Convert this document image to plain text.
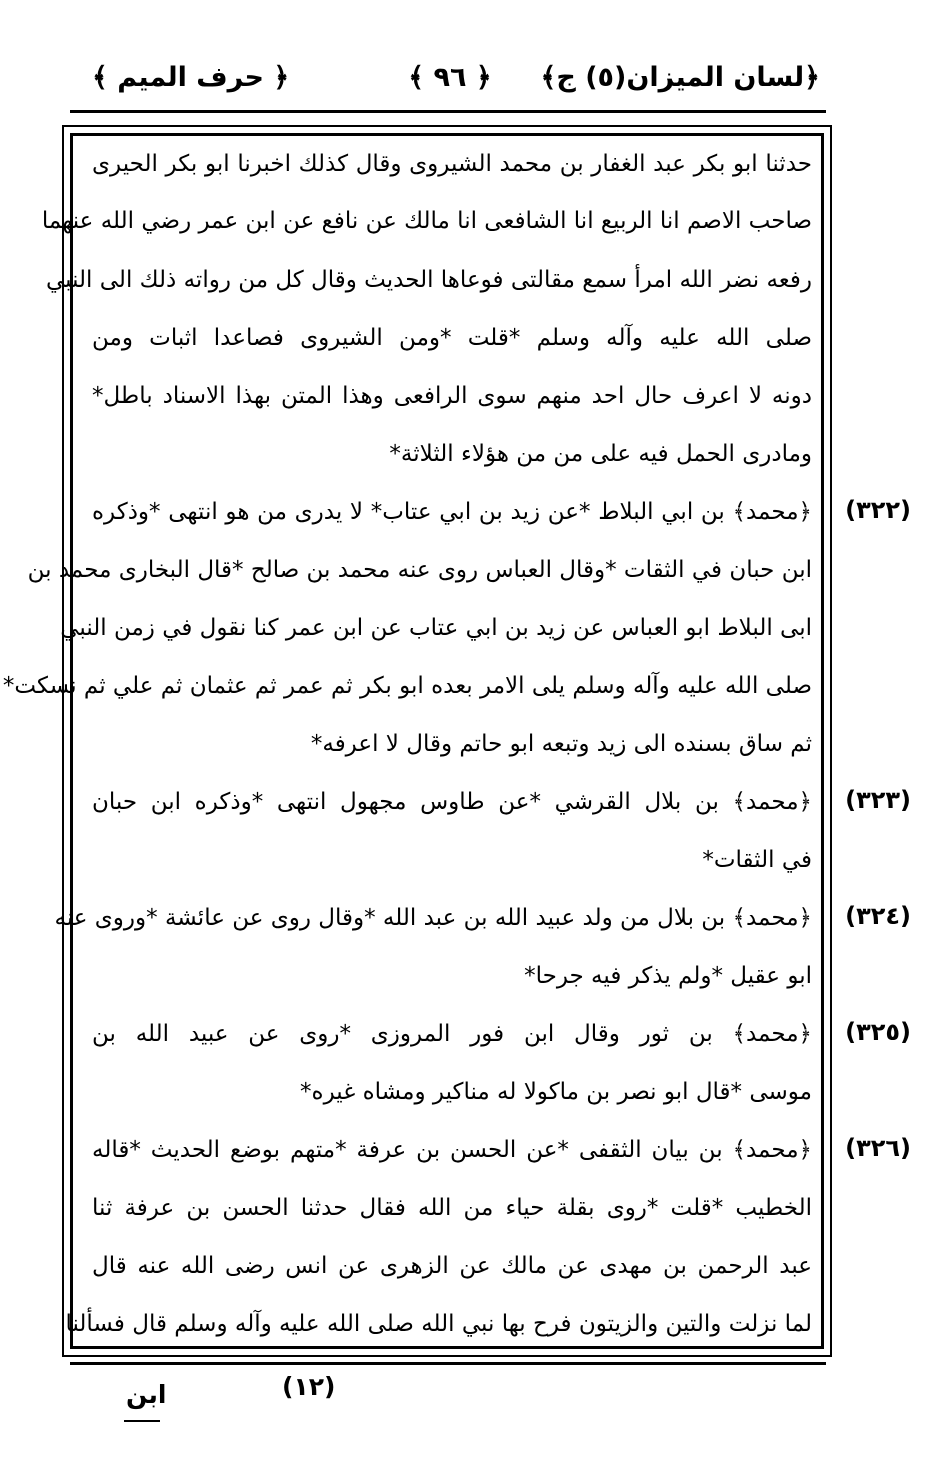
﴿لسان الميزان(٥) ج﴾
﴿ ٩٦ ﴾
﴿ حرف الميم ﴾
حدثنا ابو بكر عبد الغفار بن محمد الشيروى وقال كذلك اخبرنا ابو بكر الحيرى
صاحب الاصم انا الربيع انا الشافعى انا مالك عن نافع عن ابن عمر رضي الله عنهما
رفعه نضر الله امرأ سمع مقالتى فوعاها الحديث وقال كل من رواته ذلك الى النبي
صلى الله عليه وآله وسلم *قلت *ومن الشيروى فصاعدا اثبات ومن
دونه لا اعرف حال احد منهم سوى الرافعى وهذا المتن بهذا الاسناد باطل*
ومادرى الحمل فيه على من من هؤلاء الثلاثة*
﴿محمد﴾ بن ابي البلاط *عن زيد بن ابي عتاب* لا يدرى من هو انتهى *وذكره
ابن حبان في الثقات *وقال العباس روى عنه محمد بن صالح *قال البخارى محمد بن
ابى البلاط ابو العباس عن زيد بن ابي عتاب عن ابن عمر كنا نقول في زمن النبي
صلى الله عليه وآله وسلم يلى الامر بعده ابو بكر ثم عمر ثم عثمان ثم علي ثم نسكت*
ثم ساق بسنده الى زيد وتبعه ابو حاتم وقال لا اعرفه*
﴿محمد﴾ بن بلال القرشي *عن طاوس مجهول انتهى *وذكره ابن حبان
في الثقات*
﴿محمد﴾ بن بلال من ولد عبيد الله بن عبد الله *وقال روى عن عائشة *وروى عنه
ابو عقيل *ولم يذكر فيه جرحا*
﴿محمد﴾ بن ثور وقال ابن فور المروزى *روى عن عبيد الله بن
موسى *قال ابو نصر بن ماكولا له مناكير ومشاه غيره*
﴿محمد﴾ بن بيان الثقفى *عن الحسن بن عرفة *متهم بوضع الحديث *قاله
الخطيب *قلت *روى بقلة حياء من الله فقال حدثنا الحسن بن عرفة ثنا
عبد الرحمن بن مهدى عن مالك عن الزهرى عن انس رضى الله عنه قال
لما نزلت والتين والزيتون فرح بها نبي الله صلى الله عليه وآله وسلم قال فسألنا
(٣٢٢)
(٣٢٣)
(٣٢٤)
(٣٢٥)
(٣٢٦)
(١٢)
ابن
